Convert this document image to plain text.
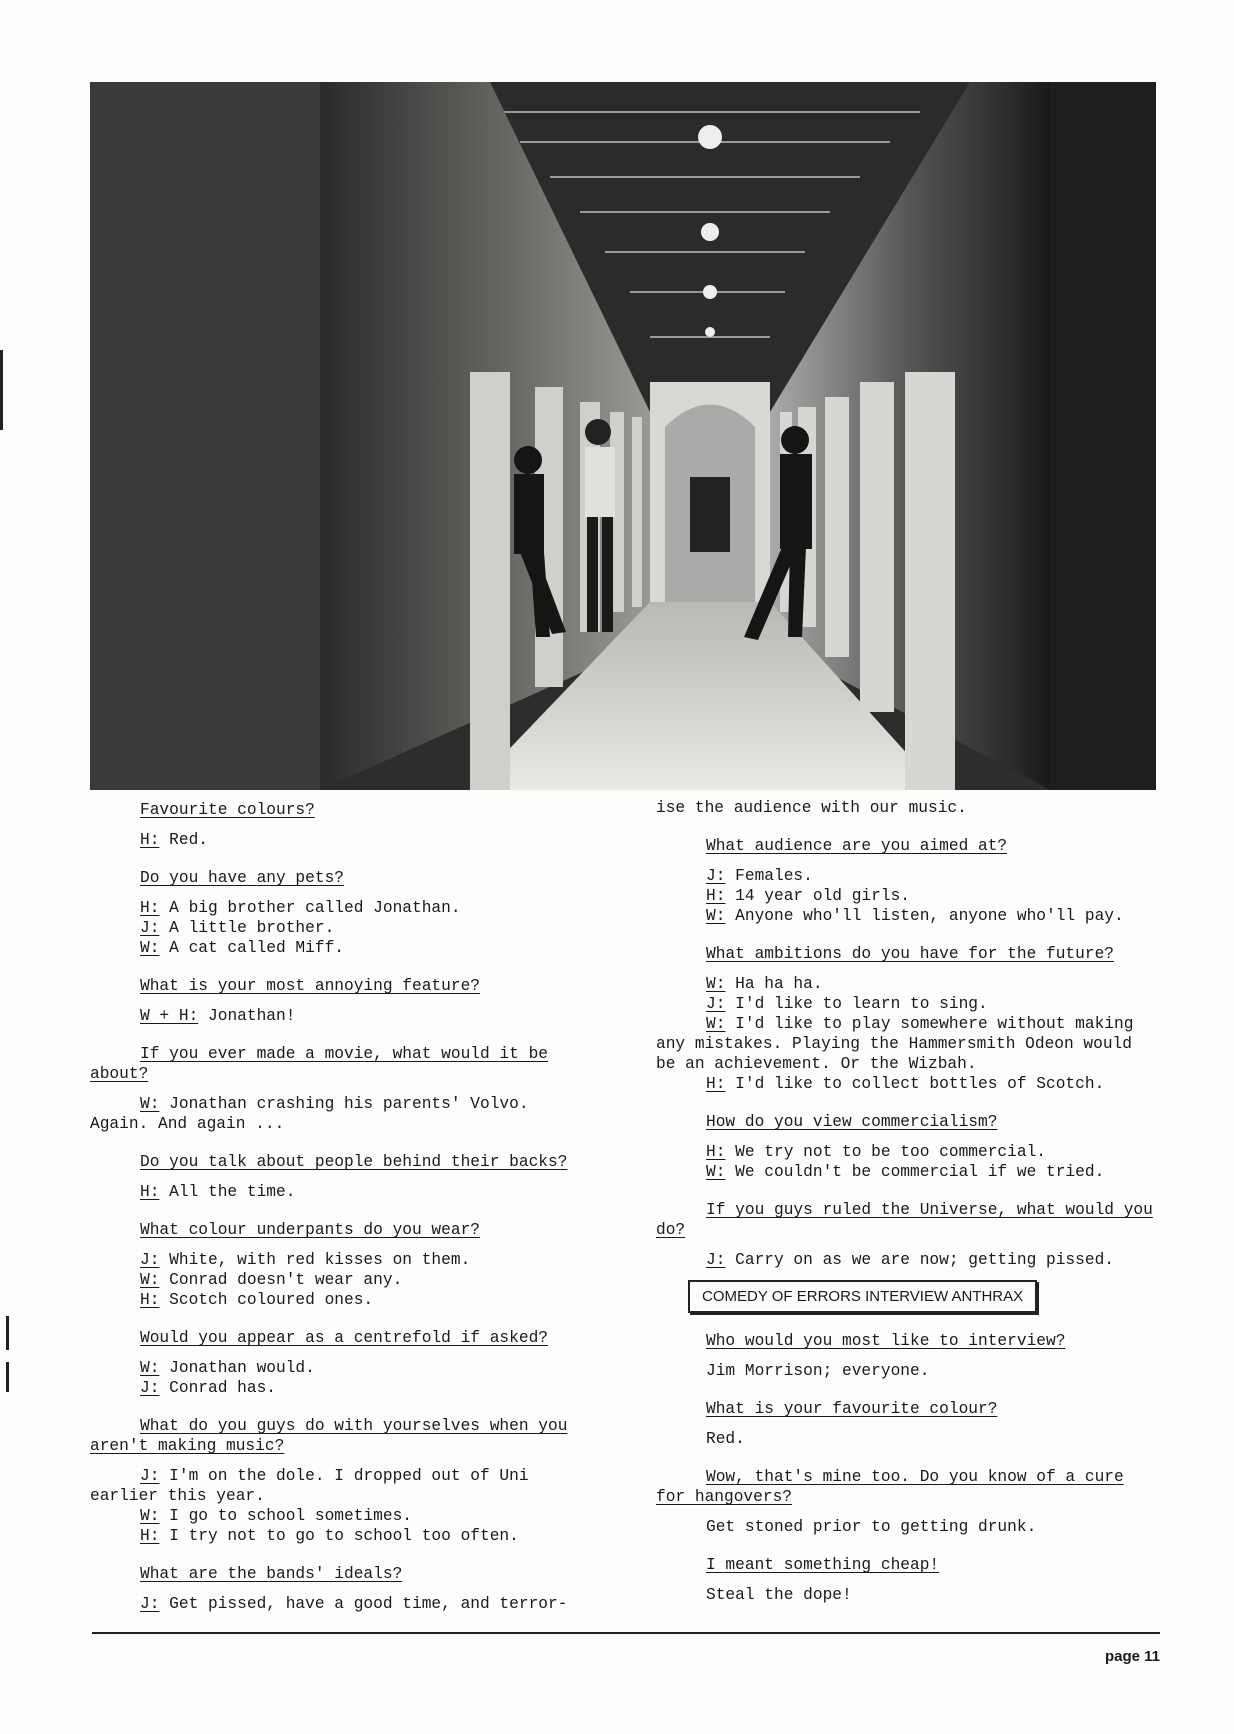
Favourite colours?

H: Red.

Do you have any pets?

H: A big brother called Jonathan.

J: A little brother.

W: A cat called Miff.

What is your most annoying feature?

W + H: Jonathan!

If you ever made a movie, what would it be about?

W: Jonathan crashing his parents' Volvo. Again. And again ...

Do you talk about people behind their backs?

H: All the time.

What colour underpants do you wear?

J: White, with red kisses on them.

W: Conrad doesn't wear any.

H: Scotch coloured ones.

Would you appear as a centrefold if asked?

W: Jonathan would.

J: Conrad has.

What do you guys do with yourselves when you aren't making music?

J: I'm on the dole. I dropped out of Uni earlier this year.

W: I go to school sometimes.

H: I try not to go to school too often.

What are the bands' ideals?

J: Get pissed, have a good time, and terror-

ise the audience with our music.

What audience are you aimed at?

J: Females.

H: 14 year old girls.

W: Anyone who'll listen, anyone who'll pay.

What ambitions do you have for the future?

W: Ha ha ha.

J: I'd like to learn to sing.

W: I'd like to play somewhere without making any mistakes. Playing the Hammersmith Odeon would be an achievement. Or the Wizbah.

H: I'd like to collect bottles of Scotch.

How do you view commercialism?

H: We try not to be too commercial.

W: We couldn't be commercial if we tried.

If you guys ruled the Universe, what would you do?

J: Carry on as we are now; getting pissed.

COMEDY OF ERRORS INTERVIEW ANTHRAX

Who would you most like to interview?

Jim Morrison; everyone.

What is your favourite colour?

Red.

Wow, that's mine too. Do you know of a cure for hangovers?

Get stoned prior to getting drunk.

I meant something cheap!

Steal the dope!

page 11
